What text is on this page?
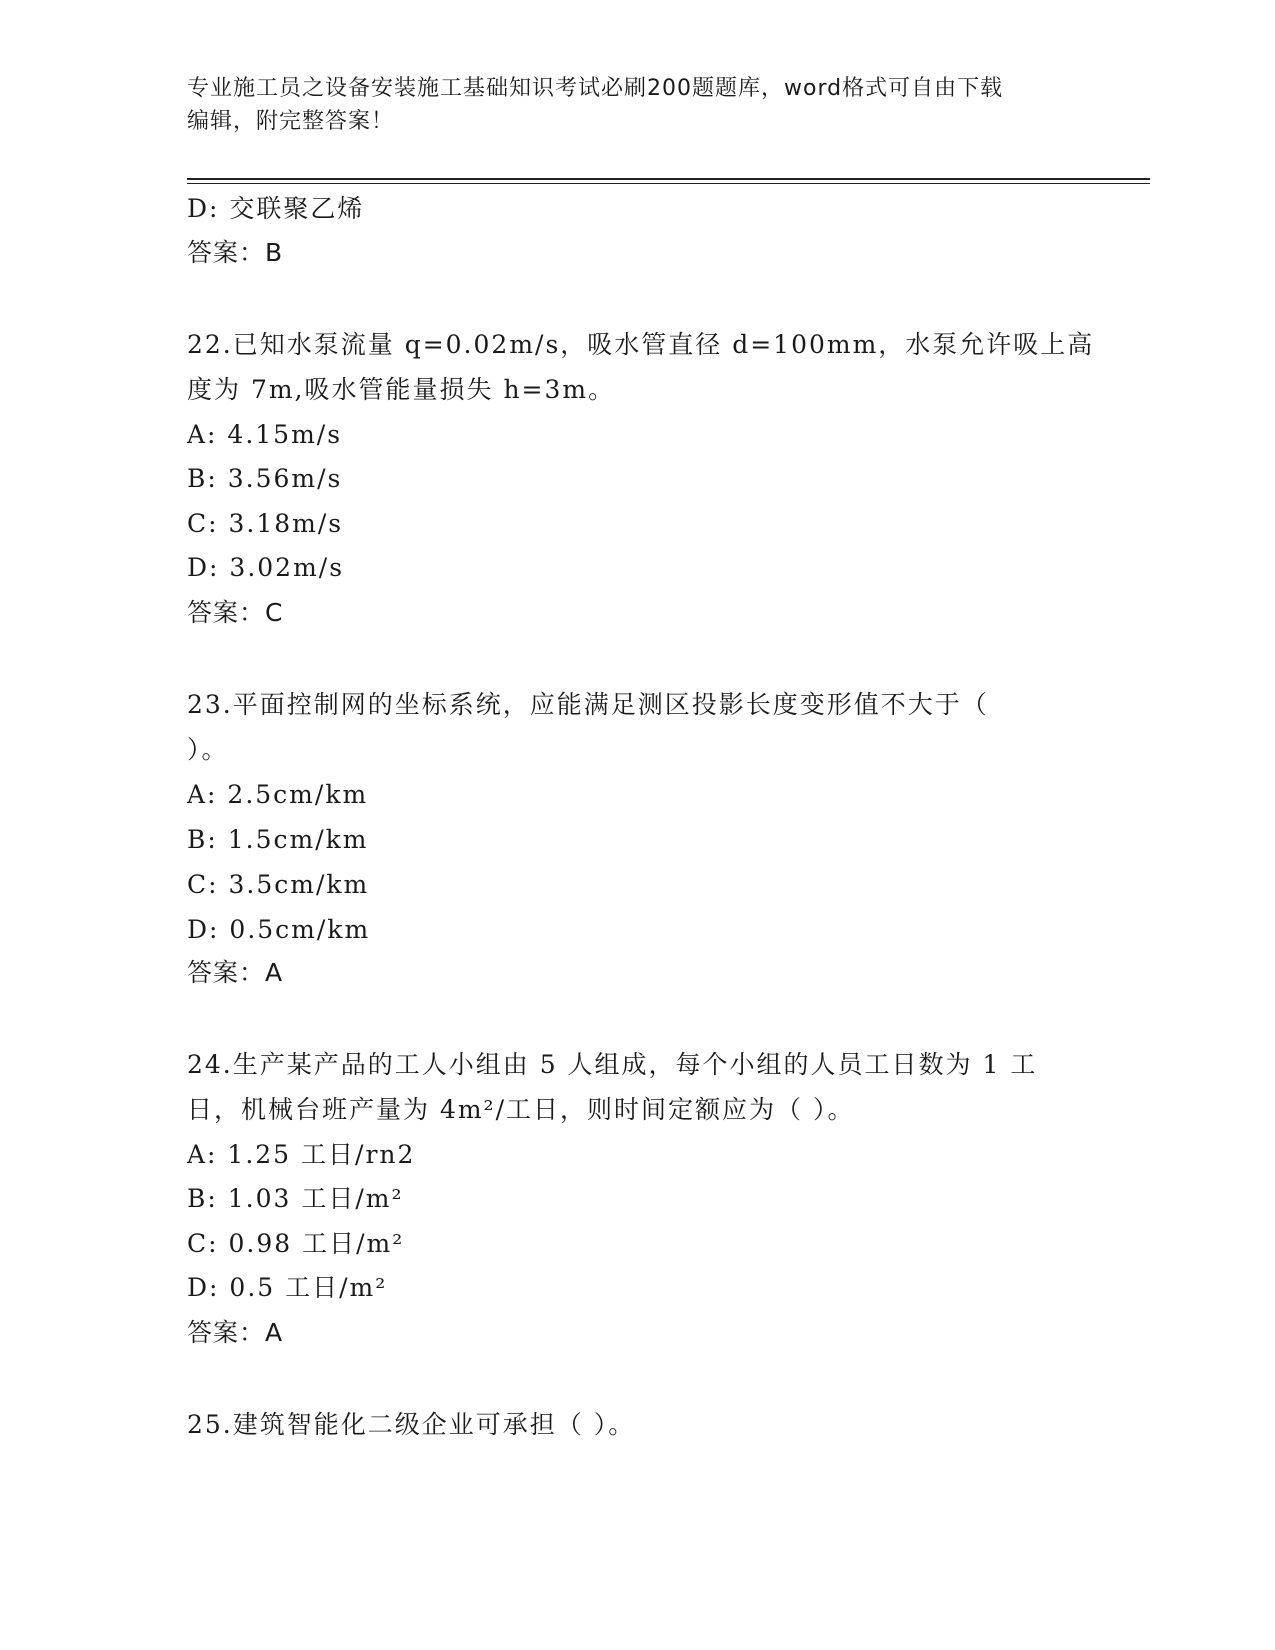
专业施工员之设备安装施工基础知识考试必刷200题题库，word格式可自由下载
编辑，附完整答案！
D: 交联聚乙烯
答案：B
22.已知水泵流量 q=0.02m/s，吸水管直径 d=100mm，水泵允许吸上高
度为 7m,吸水管能量损失 h=3m。
A: 4.15m/s
B: 3.56m/s
C: 3.18m/s
D: 3.02m/s
答案：C
23.平面控制网的坐标系统，应能满足测区投影长度变形值不大于（
）。
A: 2.5cm/km
B: 1.5cm/km
C: 3.5cm/km
D: 0.5cm/km
答案：A
24.生产某产品的工人小组由 5 人组成，每个小组的人员工日数为 1 工
日，机械台班产量为 4m²/工日，则时间定额应为（ ）。
A: 1.25 工日/rn2
B: 1.03 工日/m²
C: 0.98 工日/m²
D: 0.5 工日/m²
答案：A
25.建筑智能化二级企业可承担（ ）。
